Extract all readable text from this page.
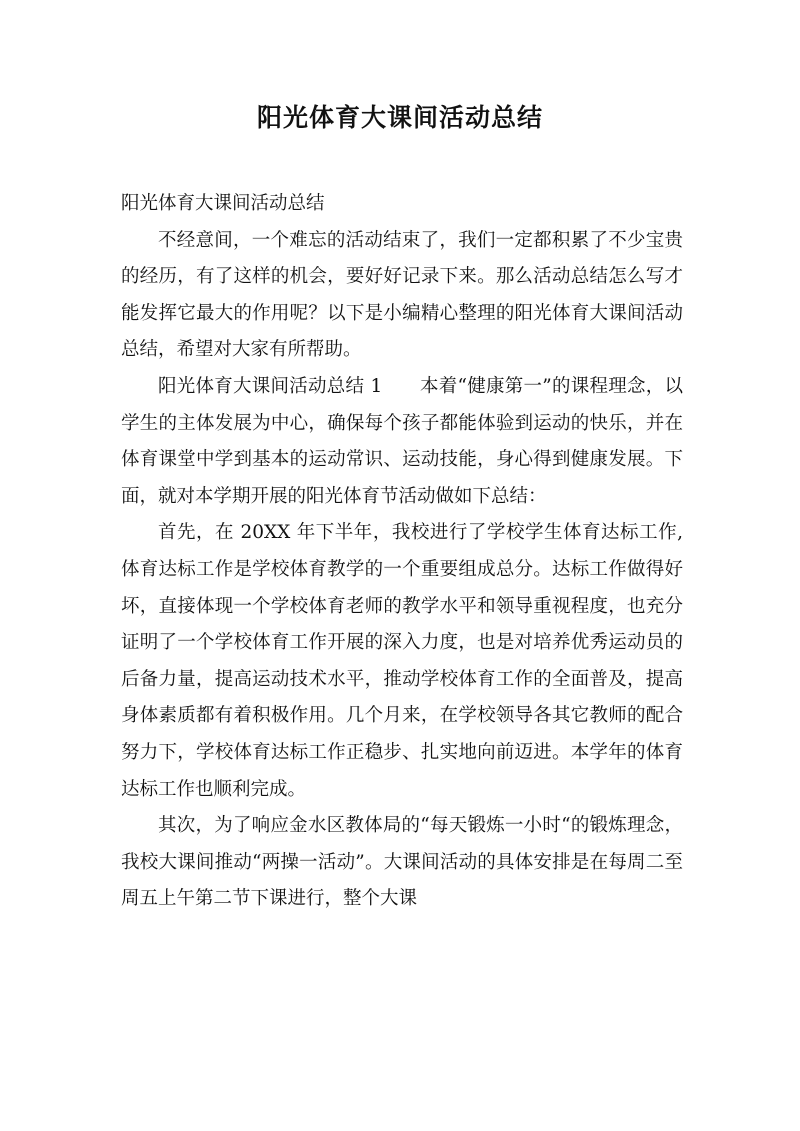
阳光体育大课间活动总结

阳光体育大课间活动总结

不经意间，一个难忘的活动结束了，我们一定都积累了不少宝贵的经历，有了这样的机会，要好好记录下来。那么活动总结怎么写才能发挥它最大的作用呢？以下是小编精心整理的阳光体育大课间活动总结，希望对大家有所帮助。

阳光体育大课间活动总结 1　　本着“健康第一”的课程理念，以学生的主体发展为中心，确保每个孩子都能体验到运动的快乐，并在体育课堂中学到基本的运动常识、运动技能，身心得到健康发展。下面，就对本学期开展的阳光体育节活动做如下总结：

首先，在 20XX 年下半年，我校进行了学校学生体育达标工作,体育达标工作是学校体育教学的一个重要组成总分。达标工作做得好坏，直接体现一个学校体育老师的教学水平和领导重视程度，也充分证明了一个学校体育工作开展的深入力度，也是对培养优秀运动员的后备力量，提高运动技术水平，推动学校体育工作的全面普及，提高身体素质都有着积极作用。几个月来，在学校领导各其它教师的配合努力下，学校体育达标工作正稳步、扎实地向前迈进。本学年的体育达标工作也顺利完成。

其次，为了响应金水区教体局的“每天锻炼一小时“的锻炼理念，我校大课间推动“两操一活动”。大课间活动的具体安排是在每周二至周五上午第二节下课进行，整个大课
